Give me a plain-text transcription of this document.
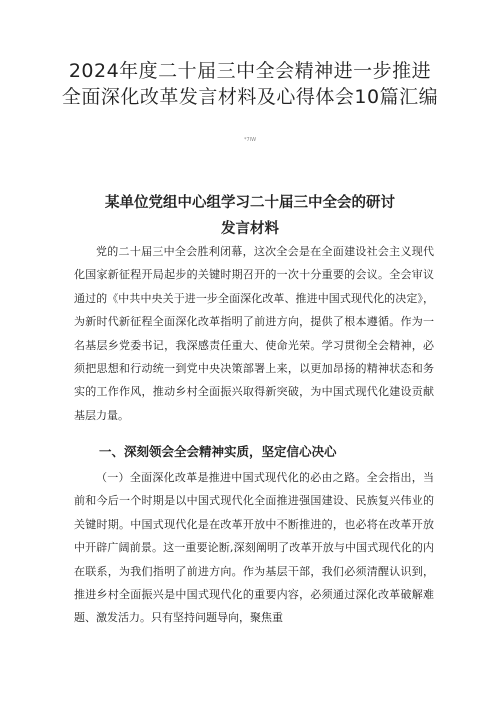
2024年度二十届三中全会精神进一步推进全面深化改革发言材料及心得体会10篇汇编
*7IW
某单位党组中心组学习二十届三中全会的研讨
发言材料

党的二十届三中全会胜利闭幕，这次全会是在全面建设社会主义现代化国家新征程开局起步的关键时期召开的一次十分重要的会议。全会审议通过的《中共中央关于进一步全面深化改革、推进中国式现代化的决定》，为新时代新征程全面深化改革指明了前进方向，提供了根本遵循。作为一名基层乡党委书记，我深感责任重大、使命光荣。学习贯彻全会精神，必须把思想和行动统一到党中央决策部署上来，以更加昂扬的精神状态和务实的工作作风，推动乡村全面振兴取得新突破，为中国式现代化建设贡献基层力量。

一、深刻领会全会精神实质，坚定信心决心

（一）全面深化改革是推进中国式现代化的必由之路。全会指出，当前和今后一个时期是以中国式现代化全面推进强国建设、民族复兴伟业的关键时期。中国式现代化是在改革开放中不断推进的，也必将在改革开放中开辟广阔前景。这一重要论断,深刻阐明了改革开放与中国式现代化的内在联系，为我们指明了前进方向。作为基层干部，我们必须清醒认识到，推进乡村全面振兴是中国式现代化的重要内容，必须通过深化改革破解难题、激发活力。只有坚持问题导向，聚焦重
